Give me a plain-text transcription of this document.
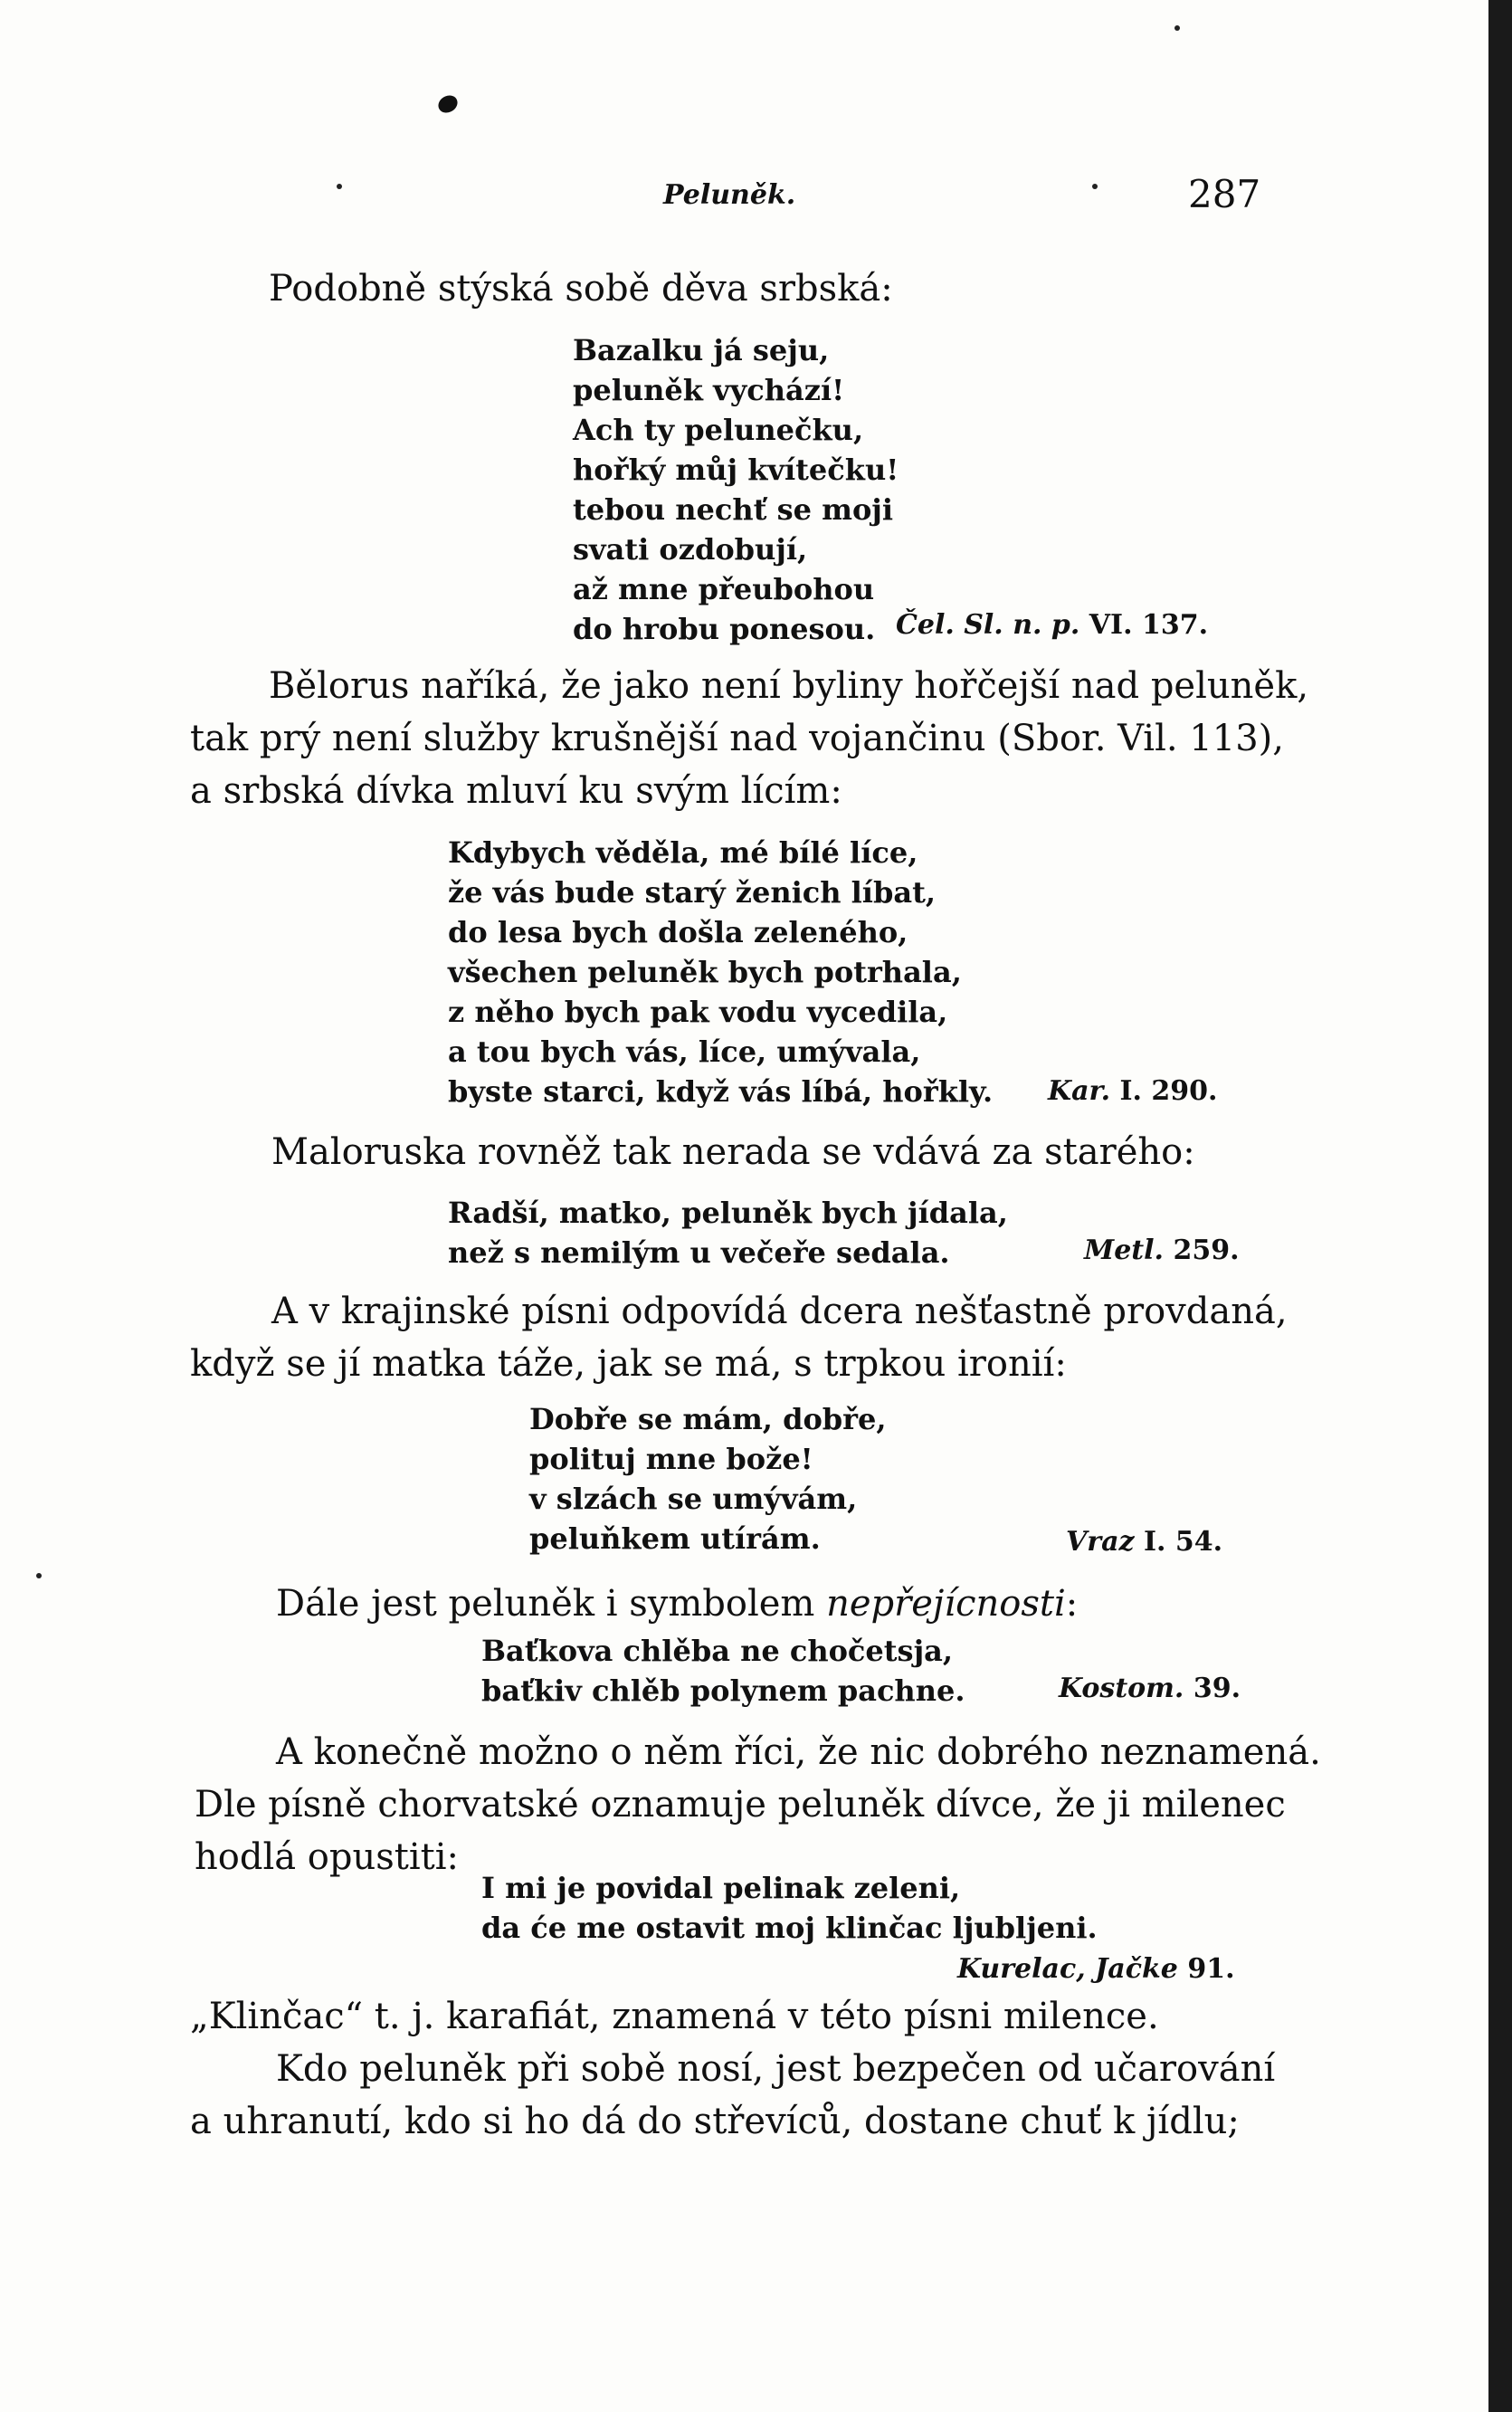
Peluněk.	287
Podobně stýská sobě děva srbská:
Bazalku já seju,
peluněk vychází!
Ach ty pelunečku,
hořký můj kvítečku!
tebou nechť se moji
svati ozdobují,
až mne přeubohou
do hrobu ponesou. Čel. Sl. n. p. VI. 137.
Bělorus naříká, že jako není byliny hořčejší nad peluněk,
tak prý není služby krušnější nad vojančinu (Sbor. Vil. 113),
a srbská dívka mluví ku svým lícím:
Kdybych věděla, mé bílé líce,
že vás bude starý ženich líbat,
do lesa bych došla zeleného,
všechen peluněk bych potrhala,
z něho bych pak vodu vycedila,
a tou bych vás, líce, umývala,
byste starci, když vás líbá, hořkly. Kar. I. 290.
Maloruska rovněž tak nerada se vdává za starého:
Radší, matko, peluněk bych jídala,
než s nemilým u večeře sedala.	Metl. 259.
A v krajinské písni odpovídá dcera nešťastně provdaná,
když se jí matka táže, jak se má, s trpkou ironií:
Dobře se mám, dobře,
polituj mne bože!
v slzách se umývám,
peluňkem utírám.	Vraz I. 54.
Dále jest peluněk i symbolem nepřejícnosti:
Baťkova chlěba ne chočetsja,
baťkiv chlěb polynem pachne.	Kostom. 39.
A konečně možno o něm říci, že nic dobrého neznamená.
Dle písně chorvatské oznamuje peluněk dívce, že ji milenec
hodlá opustiti:
I mi je povidal pelinak zeleni,
da će me ostavit moj klinčac ljubljeni.
Kurelac, Jačke 91.
„Klinčac“ t. j. karafiát, znamená v této písni milence.
Kdo peluněk při sobě nosí, jest bezpečen od učarování
a uhranutí, kdo si ho dá do střevíců, dostane chuť k jídlu;
